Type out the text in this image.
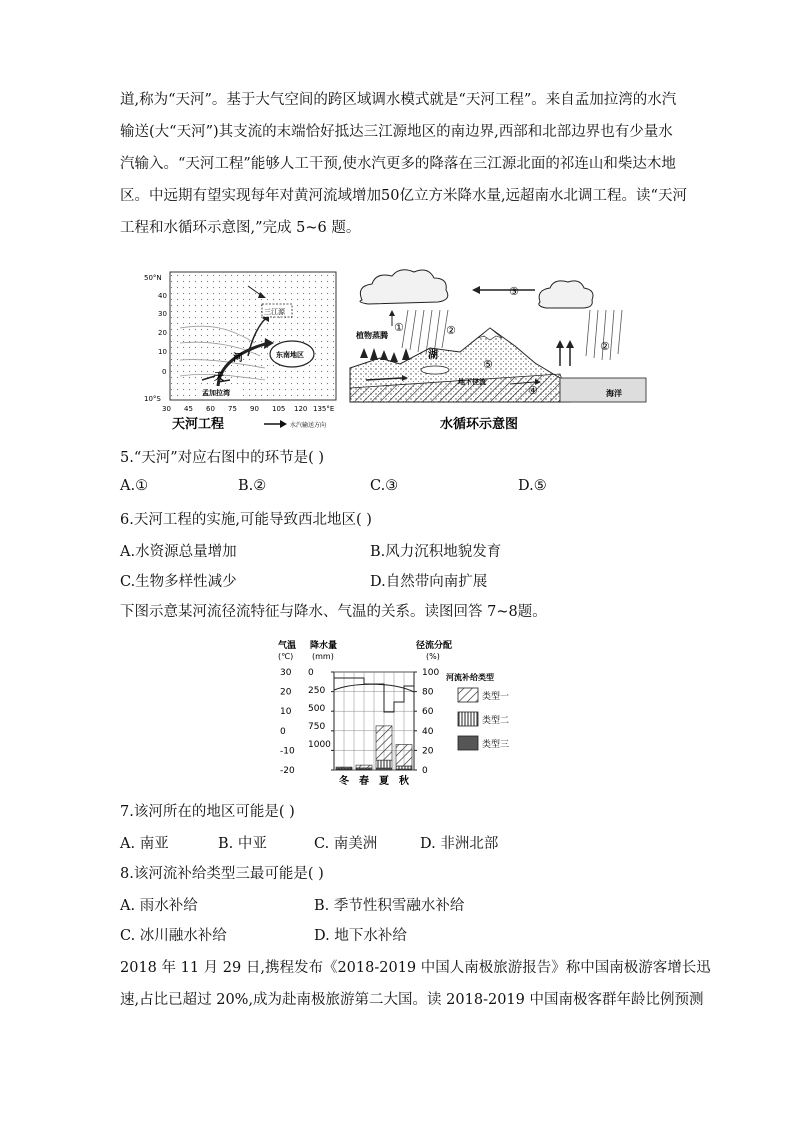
道,称为“天河”。基于大气空间的跨区域调水模式就是“天河工程”。来自孟加拉湾的水汽
输送(大“天河”)其支流的末端恰好抵达三江源地区的南边界,西部和北部边界也有少量水
汽输入。“天河工程”能够人工干预,使水汽更多的降落在三江源北面的祁连山和柴达木地
区。中远期有望实现每年对黄河流域增加50亿立方米降水量,远超南水北调工程。读“天河
工程和水循环示意图,”完成 5~6 题。
50°N
40
30
20
10
0
10°S
30 45 60 75 90 105 120 135°E
三江源
东南地区
河
天
孟加拉湾
天河工程	水汽输送方向
③
②
②
海洋
湖
植物蒸腾
①
⑤
地下径流
④
水循环示意图
5.“天河”对应右图中的环节是( )
A.①	B.②	C.③	D.⑤
6.天河工程的实施,可能导致西北地区( )
A.水资源总量增加	B.风力沉积地貌发育
C.生物多样性减少	D.自然带向南扩展
下图示意某河流径流特征与降水、气温的关系。读图回答 7~8题。
气温
(℃)
降水量
(mm)
径流分配
(%)
河流补给类型
30
20
10
0
-10
-20
0
250
500
750
1000
100
80
60
40
20
0
冬 春 夏 秋
类型一
类型二
类型三
7.该河所在的地区可能是( )
A. 南亚	B. 中亚	C. 南美洲	D. 非洲北部
8.该河流补给类型三最可能是( )
A. 雨水补给	B. 季节性积雪融水补给
C. 冰川融水补给	D. 地下水补给
2018 年 11 月 29 日,携程发布《2018-2019 中国人南极旅游报告》称中国南极游客增长迅
速,占比已超过 20%,成为赴南极旅游第二大国。读 2018-2019 中国南极客群年龄比例预测
